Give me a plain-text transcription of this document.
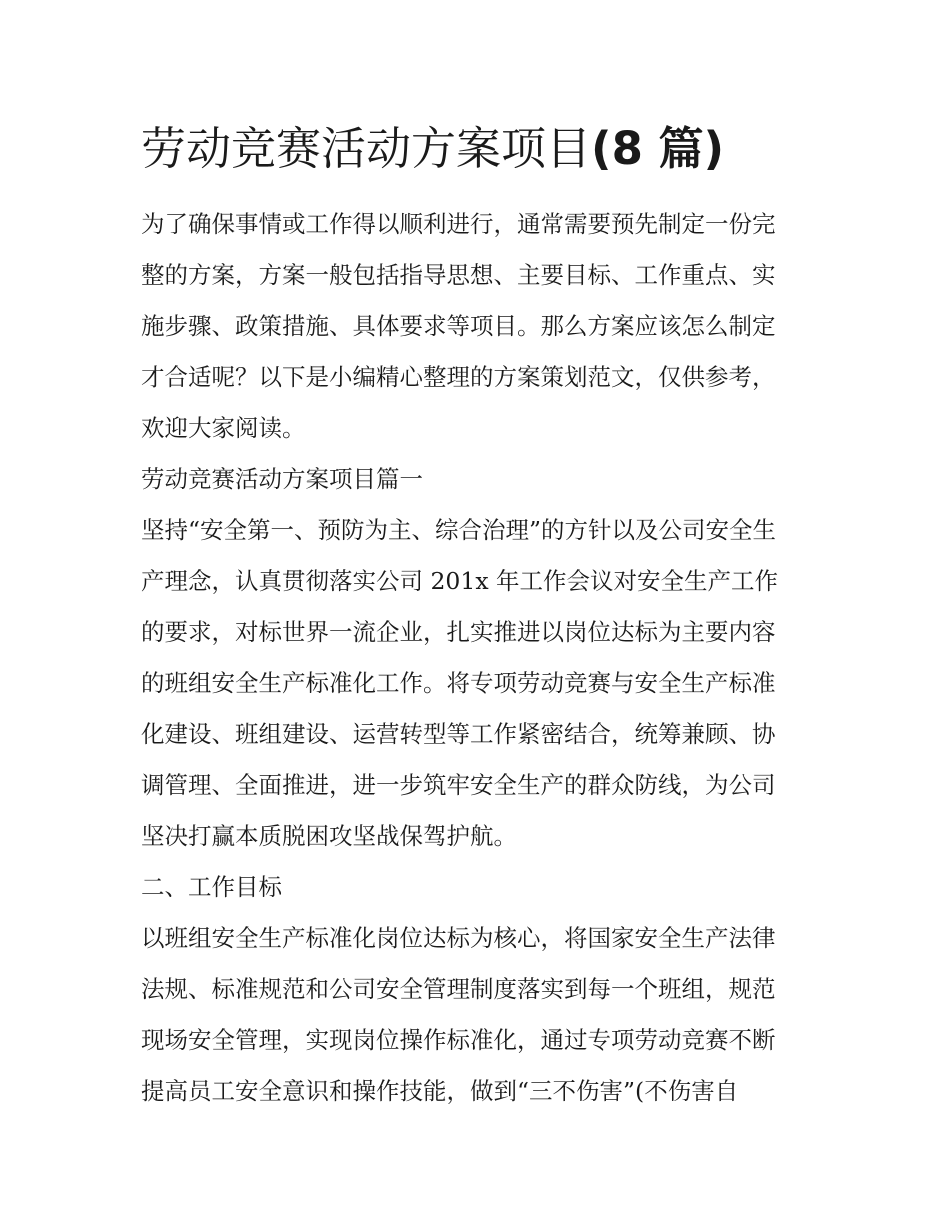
劳动竞赛活动方案项目(8 篇)
为了确保事情或工作得以顺利进行，通常需要预先制定一份完
整的方案，方案一般包括指导思想、主要目标、工作重点、实
施步骤、政策措施、具体要求等项目。那么方案应该怎么制定
才合适呢？以下是小编精心整理的方案策划范文，仅供参考，
欢迎大家阅读。
劳动竞赛活动方案项目篇一
坚持“安全第一、预防为主、综合治理”的方针以及公司安全生
产理念，认真贯彻落实公司 201x 年工作会议对安全生产工作
的要求，对标世界一流企业，扎实推进以岗位达标为主要内容
的班组安全生产标准化工作。将专项劳动竞赛与安全生产标准
化建设、班组建设、运营转型等工作紧密结合，统筹兼顾、协
调管理、全面推进，进一步筑牢安全生产的群众防线，为公司
坚决打赢本质脱困攻坚战保驾护航。
二、工作目标
以班组安全生产标准化岗位达标为核心，将国家安全生产法律
法规、标准规范和公司安全管理制度落实到每一个班组，规范
现场安全管理，实现岗位操作标准化，通过专项劳动竞赛不断
提高员工安全意识和操作技能，做到“三不伤害”(不伤害自
